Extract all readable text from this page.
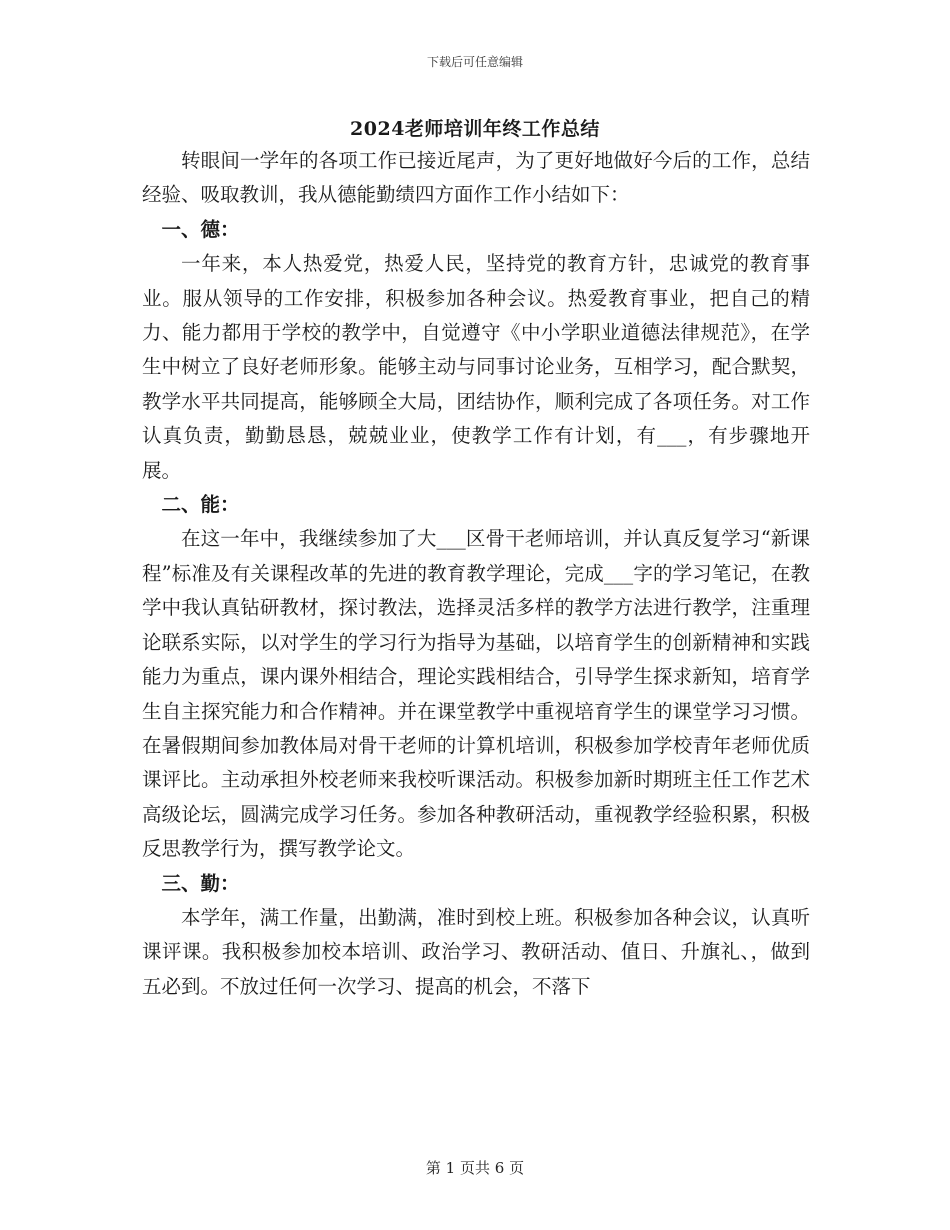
下载后可任意编辑
2024老师培训年终工作总结

转眼间一学年的各项工作已接近尾声，为了更好地做好今后的工作，总结经验、吸取教训，我从德能勤绩四方面作工作小结如下：

一、德：

一年来，本人热爱党，热爱人民，坚持党的教育方针，忠诚党的教育事业。服从领导的工作安排，积极参加各种会议。热爱教育事业，把自己的精力、能力都用于学校的教学中，自觉遵守《中小学职业道德法律规范》，在学生中树立了良好老师形象。能够主动与同事讨论业务，互相学习，配合默契，教学水平共同提高，能够顾全大局，团结协作，顺利完成了各项任务。对工作认真负责，勤勤恳恳，兢兢业业，使教学工作有计划，有___，有步骤地开展。

二、能：

在这一年中，我继续参加了大___区骨干老师培训，并认真反复学习“新课程”标准及有关课程改革的先进的教育教学理论，完成___字的学习笔记，在教学中我认真钻研教材，探讨教法，选择灵活多样的教学方法进行教学，注重理论联系实际，以对学生的学习行为指导为基础，以培育学生的创新精神和实践能力为重点，课内课外相结合，理论实践相结合，引导学生探求新知，培育学生自主探究能力和合作精神。并在课堂教学中重视培育学生的课堂学习习惯。在暑假期间参加教体局对骨干老师的计算机培训，积极参加学校青年老师优质课评比。主动承担外校老师来我校听课活动。积极参加新时期班主任工作艺术高级论坛，圆满完成学习任务。参加各种教研活动，重视教学经验积累，积极反思教学行为，撰写教学论文。

三、勤：

本学年，满工作量，出勤满，准时到校上班。积极参加各种会议，认真听课评课。我积极参加校本培训、政治学习、教研活动、值日、升旗礼、，做到五必到。不放过任何一次学习、提高的机会，不落下

第 1 页共 6 页
